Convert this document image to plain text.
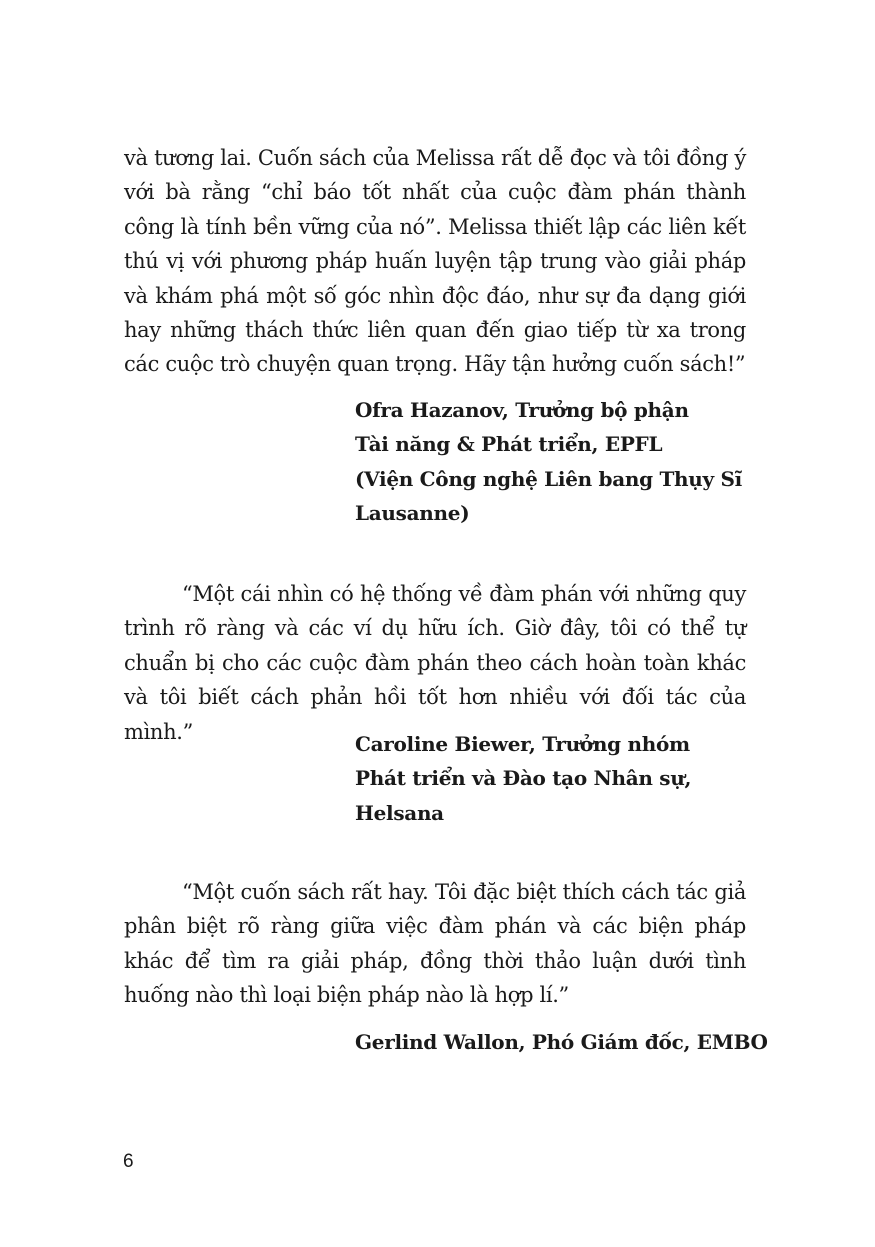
và tương lai. Cuốn sách của Melissa rất dễ đọc và tôi đồng ý với bà rằng “chỉ báo tốt nhất của cuộc đàm phán thành công là tính bền vững của nó”. Melissa thiết lập các liên kết thú vị với phương pháp huấn luyện tập trung vào giải pháp và khám phá một số góc nhìn độc đáo, như sự đa dạng giới hay những thách thức liên quan đến giao tiếp từ xa trong các cuộc trò chuyện quan trọng. Hãy tận hưởng cuốn sách!”

Ofra Hazanov, Trưởng bộ phận
Tài năng & Phát triển, EPFL
(Viện Công nghệ Liên bang Thụy Sĩ
Lausanne)

“Một cái nhìn có hệ thống về đàm phán với những quy trình rõ ràng và các ví dụ hữu ích. Giờ đây, tôi có thể tự chuẩn bị cho các cuộc đàm phán theo cách hoàn toàn khác và tôi biết cách phản hồi tốt hơn nhiều với đối tác của mình.”

Caroline Biewer, Trưởng nhóm
Phát triển và Đào tạo Nhân sự,
Helsana

“Một cuốn sách rất hay. Tôi đặc biệt thích cách tác giả phân biệt rõ ràng giữa việc đàm phán và các biện pháp khác để tìm ra giải pháp, đồng thời thảo luận dưới tình huống nào thì loại biện pháp nào là hợp lí.”

Gerlind Wallon, Phó Giám đốc, EMBO
6
